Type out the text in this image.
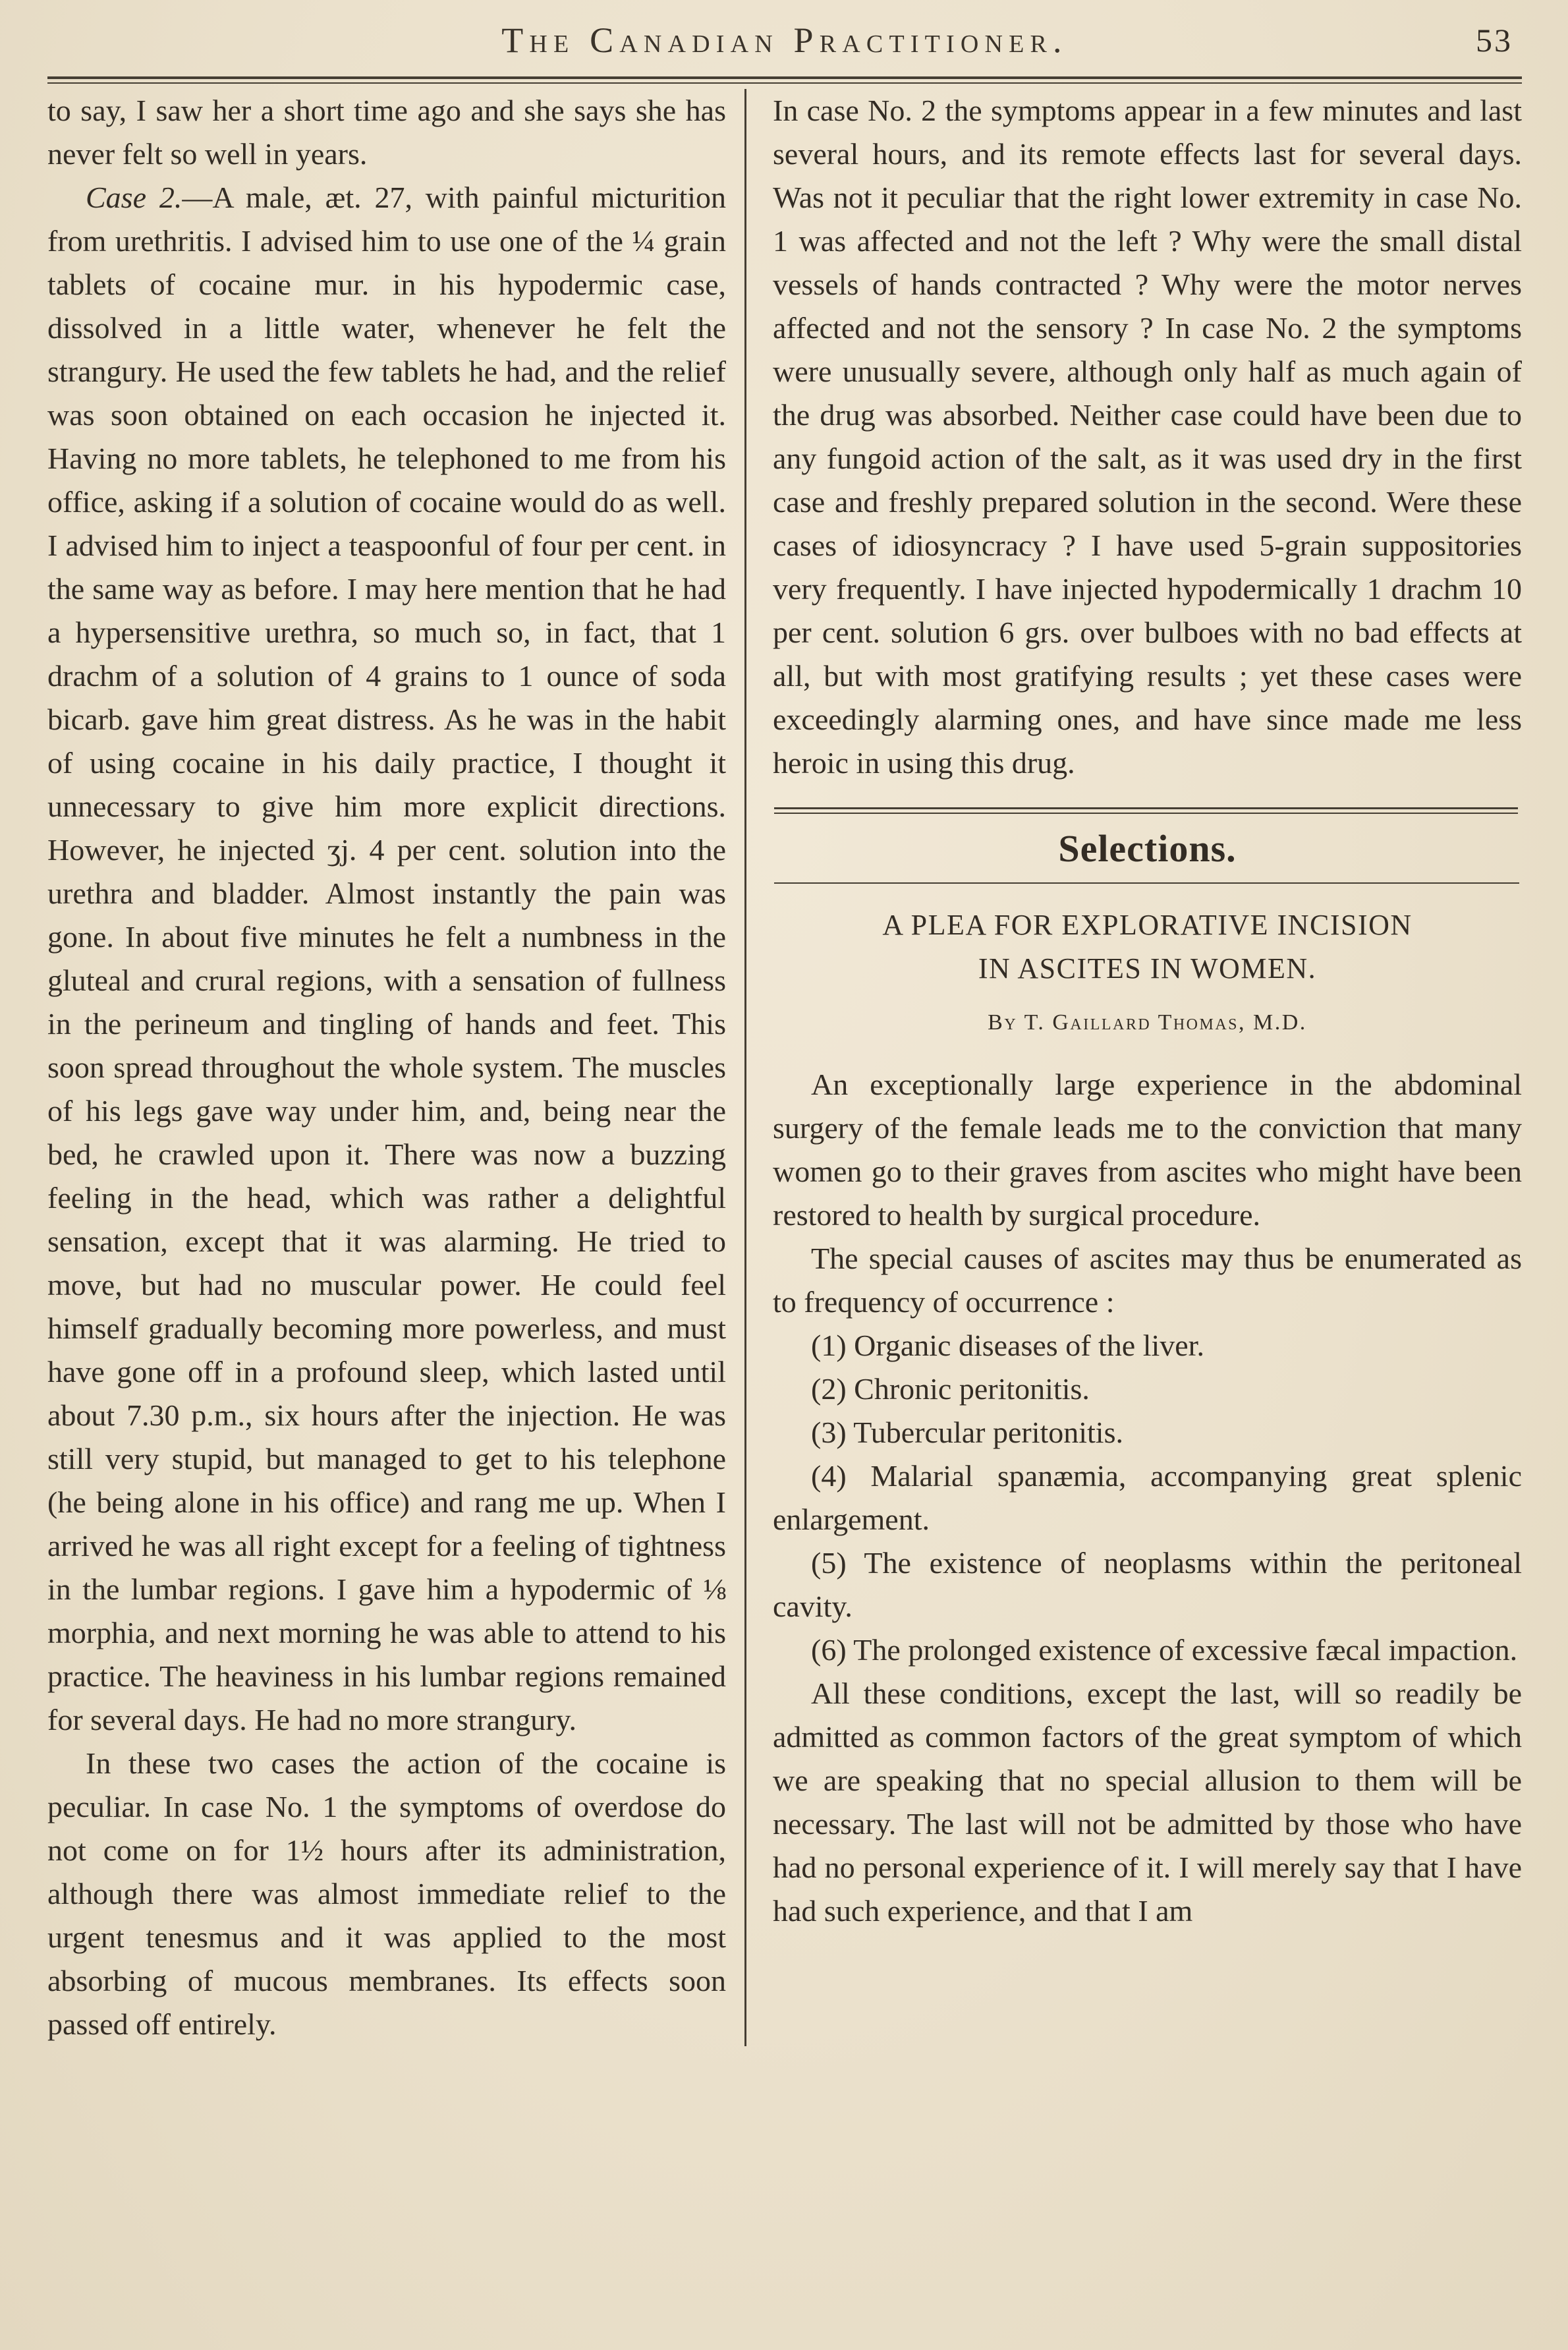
The Canadian Practitioner.	53

to say, I saw her a short time ago and she says she has never felt so well in years.

Case 2.—A male, æt. 27, with painful micturition from urethritis. I advised him to use one of the ¼ grain tablets of cocaine mur. in his hypodermic case, dissolved in a little water, whenever he felt the strangury. He used the few tablets he had, and the relief was soon obtained on each occasion he injected it. Having no more tablets, he telephoned to me from his office, asking if a solution of cocaine would do as well. I advised him to inject a teaspoonful of four per cent. in the same way as before. I may here mention that he had a hypersensitive urethra, so much so, in fact, that 1 drachm of a solution of 4 grains to 1 ounce of soda bicarb. gave him great distress. As he was in the habit of using cocaine in his daily practice, I thought it unnecessary to give him more explicit directions. However, he injected ʒj. 4 per cent. solution into the urethra and bladder. Almost instantly the pain was gone. In about five minutes he felt a numbness in the gluteal and crural regions, with a sensation of fullness in the perineum and tingling of hands and feet. This soon spread throughout the whole system. The muscles of his legs gave way under him, and, being near the bed, he crawled upon it. There was now a buzzing feeling in the head, which was rather a delightful sensation, except that it was alarming. He tried to move, but had no muscular power. He could feel himself gradually becoming more powerless, and must have gone off in a profound sleep, which lasted until about 7.30 p.m., six hours after the injection. He was still very stupid, but managed to get to his telephone (he being alone in his office) and rang me up. When I arrived he was all right except for a feeling of tightness in the lumbar regions. I gave him a hypodermic of ⅛ morphia, and next morning he was able to attend to his practice. The heaviness in his lumbar regions remained for several days. He had no more strangury.

In these two cases the action of the cocaine is peculiar. In case No. 1 the symptoms of overdose do not come on for 1½ hours after its administration, although there was almost immediate relief to the urgent tenesmus and it was applied to the most absorbing of mucous membranes. Its effects soon passed off entirely.

In case No. 2 the symptoms appear in a few minutes and last several hours, and its remote effects last for several days. Was not it peculiar that the right lower extremity in case No. 1 was affected and not the left ? Why were the small distal vessels of hands contracted ? Why were the motor nerves affected and not the sensory ? In case No. 2 the symptoms were unusually severe, although only half as much again of the drug was absorbed. Neither case could have been due to any fungoid action of the salt, as it was used dry in the first case and freshly prepared solution in the second. Were these cases of idiosyncracy ? I have used 5-grain suppositories very frequently. I have injected hypodermically 1 drachm 10 per cent. solution 6 grs. over bulboes with no bad effects at all, but with most gratifying results ; yet these cases were exceedingly alarming ones, and have since made me less heroic in using this drug.

Selections.
A PLEA FOR EXPLORATIVE INCISION
IN ASCITES IN WOMEN.
By T. Gaillard Thomas, M.D.

An exceptionally large experience in the abdominal surgery of the female leads me to the conviction that many women go to their graves from ascites who might have been restored to health by surgical procedure.

The special causes of ascites may thus be enumerated as to frequency of occurrence :

(1) Organic diseases of the liver.

(2) Chronic peritonitis.

(3) Tubercular peritonitis.

(4) Malarial spanæmia, accompanying great splenic enlargement.

(5) The existence of neoplasms within the peritoneal cavity.

(6) The prolonged existence of excessive fæcal impaction.

All these conditions, except the last, will so readily be admitted as common factors of the great symptom of which we are speaking that no special allusion to them will be necessary. The last will not be admitted by those who have had no personal experience of it. I will merely say that I have had such experience, and that I am
